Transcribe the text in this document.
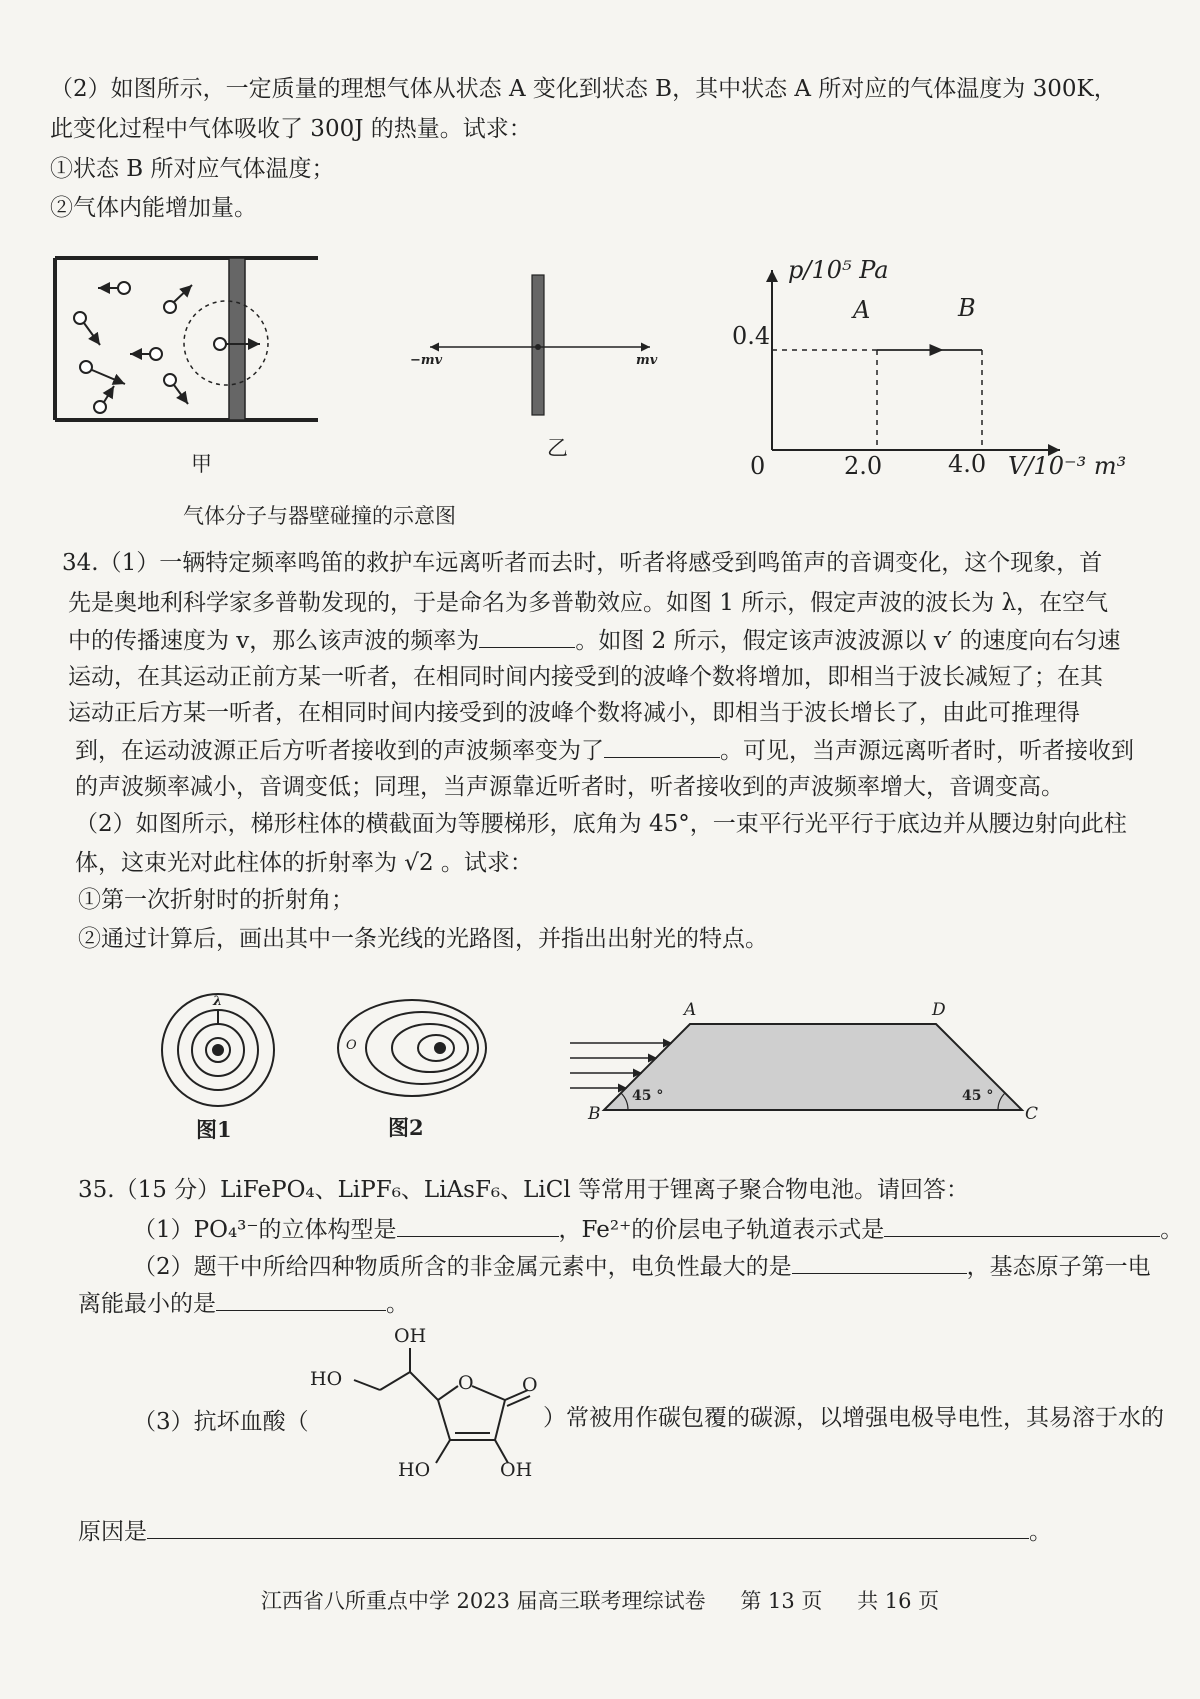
（2）如图所示，一定质量的理想气体从状态 A 变化到状态 B，其中状态 A 所对应的气体温度为 300K，
此变化过程中气体吸收了 300J 的热量。试求：
①状态 B 所对应气体温度；
②气体内能增加量。
甲
乙
气体分子与器壁碰撞的示意图
−mv	mv
p/10⁵ Pa
V/10⁻³ m³
0
0.4
2.0	4.0
A	B
34.（1）一辆特定频率鸣笛的救护车远离听者而去时，听者将感受到鸣笛声的音调变化，这个现象，首
先是奥地利科学家多普勒发现的，于是命名为多普勒效应。如图 1 所示，假定声波的波长为 λ，在空气
中的传播速度为 v，那么该声波的频率为	。如图 2 所示，假定该声波波源以 v′ 的速度向右匀速
运动，在其运动正前方某一听者，在相同时间内接受到的波峰个数将增加，即相当于波长减短了；在其
运动正后方某一听者，在相同时间内接受到的波峰个数将减小，即相当于波长增长了，由此可推理得
到，在运动波源正后方听者接收到的声波频率变为了	。可见，当声源远离听者时，听者接收到
的声波频率减小，音调变低；同理，当声源靠近听者时，听者接收到的声波频率增大，音调变高。
（2）如图所示，梯形柱体的横截面为等腰梯形，底角为 45°，一束平行光平行于底边并从腰边射向此柱
体，这束光对此柱体的折射率为 √2 。试求：
①第一次折射时的折射角；
②通过计算后，画出其中一条光线的光路图，并指出出射光的特点。
图1	图2
λ
O
A
B	C
D
45 °	45 °
35.（15 分）LiFePO₄、LiPF₆、LiAsF₆、LiCl 等常用于锂离子聚合物电池。请回答：
（1）PO₄³⁻的立体构型是	，Fe²⁺的价层电子轨道表示式是	。
（2）题干中所给四种物质所含的非金属元素中，电负性最大的是	，基态原子第一电
离能最小的是	。
（3）抗坏血酸（	）常被用作碳包覆的碳源，以增强电极导电性，其易溶于水的
原因是	。
OH
HO	O	O
HO	OH
江西省八所重点中学 2023 届高三联考理综试卷 第 13 页 共 16 页
